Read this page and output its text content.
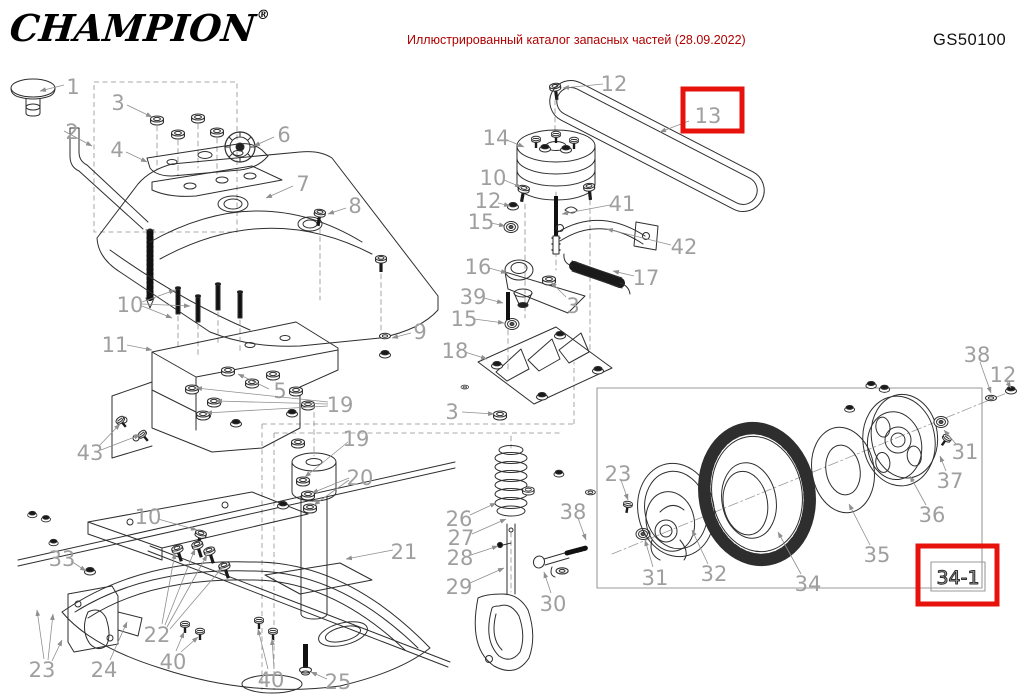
CHAMPION®
Иллюстрированный каталог запасных частей (28.09.2022)	GS50100
34-1
1
2
3
4
6
7
8
9
10
11
5
43
19
19
20
10
21
33
23 24
22
40
40 25
12
14
10
12
15
41
42
16	17
39
15
18
3
3
26
27
28
29
30
38
23
31 32	34
35
36
37
31
38
12
13
